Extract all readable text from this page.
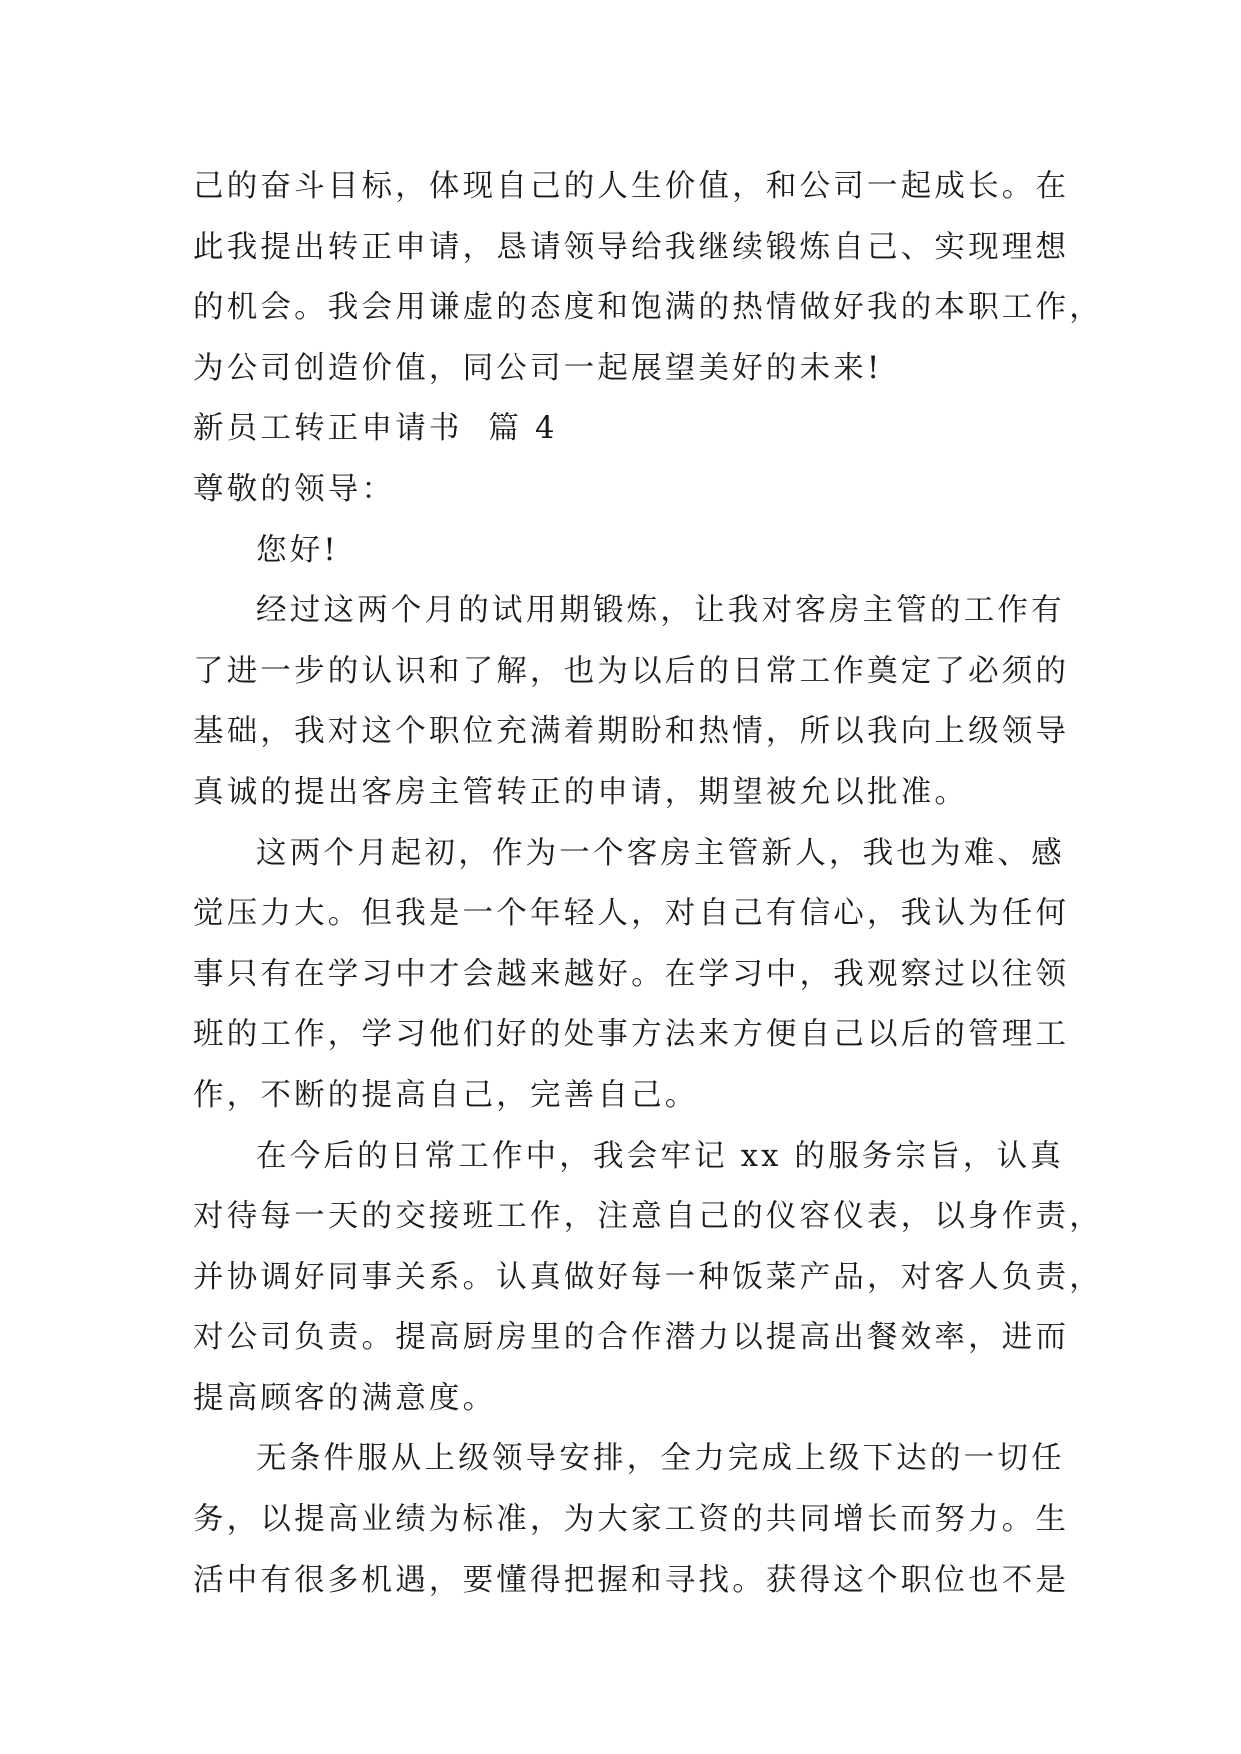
己的奋斗目标，体现自己的人生价值，和公司一起成长。在
此我提出转正申请，恳请领导给我继续锻炼自己、实现理想
的机会。我会用谦虚的态度和饱满的热情做好我的本职工作，
为公司创造价值，同公司一起展望美好的未来!
新员工转正申请书  篇 4
尊敬的领导：
您好!
经过这两个月的试用期锻炼，让我对客房主管的工作有
了进一步的认识和了解，也为以后的日常工作奠定了必须的
基础，我对这个职位充满着期盼和热情，所以我向上级领导
真诚的提出客房主管转正的申请，期望被允以批准。
这两个月起初，作为一个客房主管新人，我也为难、感
觉压力大。但我是一个年轻人，对自己有信心，我认为任何
事只有在学习中才会越来越好。在学习中，我观察过以往领
班的工作，学习他们好的处事方法来方便自己以后的管理工
作，不断的提高自己，完善自己。
在今后的日常工作中，我会牢记 xx 的服务宗旨，认真
对待每一天的交接班工作，注意自己的仪容仪表，以身作责，
并协调好同事关系。认真做好每一种饭菜产品，对客人负责，
对公司负责。提高厨房里的合作潜力以提高出餐效率，进而
提高顾客的满意度。
无条件服从上级领导安排，全力完成上级下达的一切任
务，以提高业绩为标准，为大家工资的共同增长而努力。生
活中有很多机遇，要懂得把握和寻找。获得这个职位也不是
